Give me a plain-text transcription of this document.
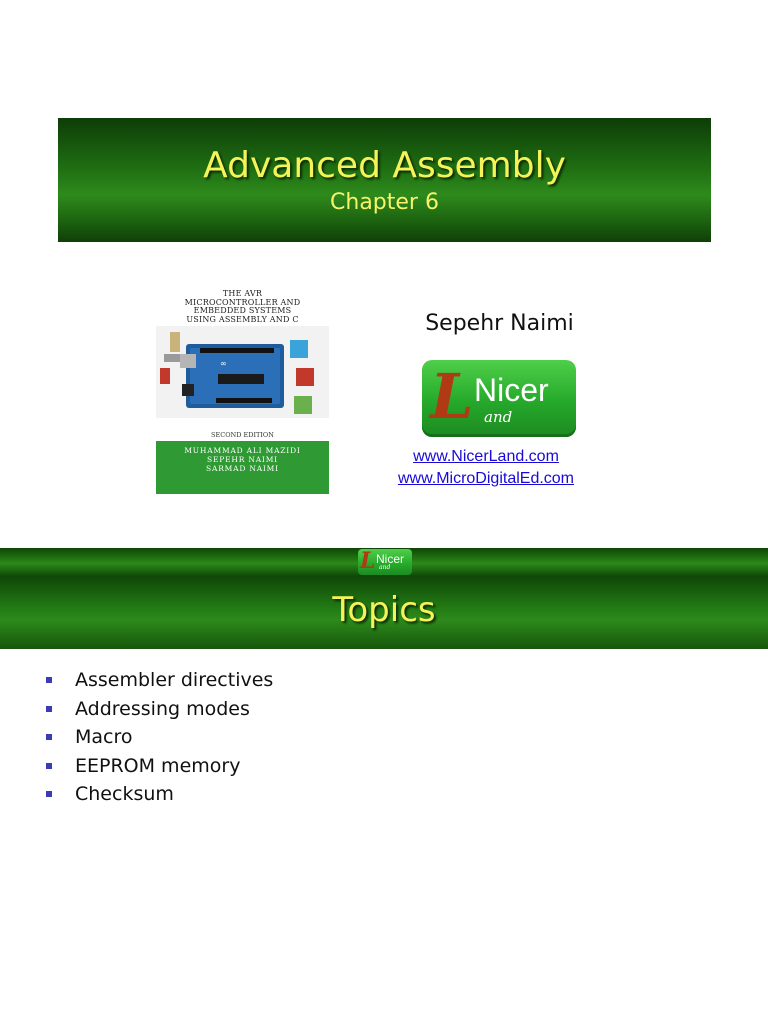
Advanced Assembly
Chapter 6
THE AVR
MICROCONTROLLER AND
EMBEDDED SYSTEMS
USING ASSEMBLY AND C
∞
SECOND EDITION
MUHAMMAD ALI MAZIDI
SEPEHR NAIMI
SARMAD NAIMI
Sepehr Naimi
L Nicer
and
www.NicerLand.com
www.MicroDigitalEd.com
L Nicer
and
Topics
Assembler directives
Addressing modes
Macro
EEPROM memory
Checksum
